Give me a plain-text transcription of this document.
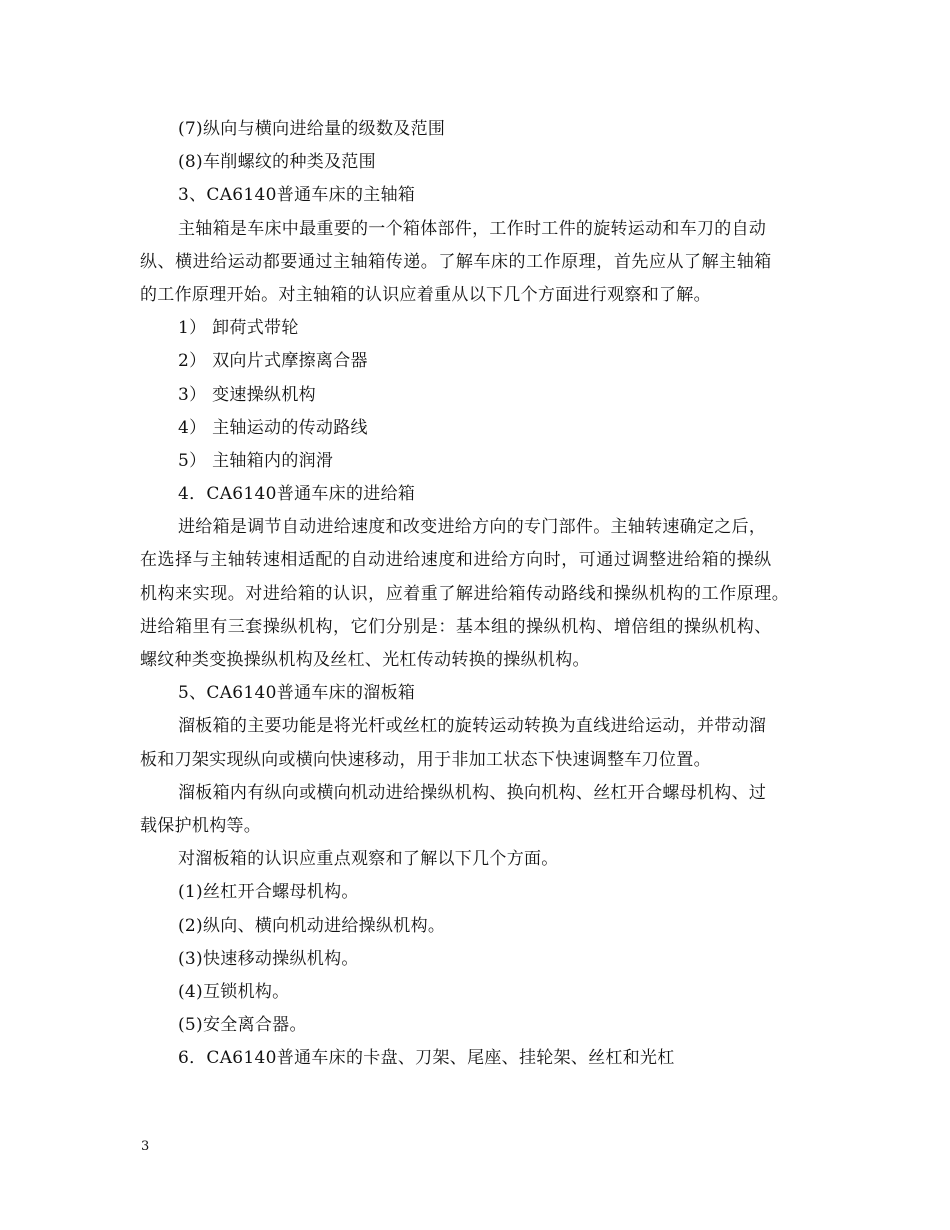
(7)纵向与横向进给量的级数及范围
(8)车削螺纹的种类及范围
3、CA6140普通车床的主轴箱
主轴箱是车床中最重要的一个箱体部件，工作时工件的旋转运动和车刀的自动
纵、横进给运动都要通过主轴箱传递。了解车床的工作原理，首先应从了解主轴箱
的工作原理开始。对主轴箱的认识应着重从以下几个方面进行观察和了解。
1） 卸荷式带轮
2） 双向片式摩擦离合器
3） 变速操纵机构
4） 主轴运动的传动路线
5） 主轴箱内的润滑
4．CA6140普通车床的进给箱
进给箱是调节自动进给速度和改变进给方向的专门部件。主轴转速确定之后，
在选择与主轴转速相适配的自动进给速度和进给方向时，可通过调整进给箱的操纵
机构来实现。对进给箱的认识，应着重了解进给箱传动路线和操纵机构的工作原理。
进给箱里有三套操纵机构，它们分别是：基本组的操纵机构、增倍组的操纵机构、
螺纹种类变换操纵机构及丝杠、光杠传动转换的操纵机构。
5、CA6140普通车床的溜板箱
溜板箱的主要功能是将光杆或丝杠的旋转运动转换为直线进给运动，并带动溜
板和刀架实现纵向或横向快速移动，用于非加工状态下快速调整车刀位置。
溜板箱内有纵向或横向机动进给操纵机构、换向机构、丝杠开合螺母机构、过
载保护机构等。
对溜板箱的认识应重点观察和了解以下几个方面。
(1)丝杠开合螺母机构。
(2)纵向、横向机动进给操纵机构。
(3)快速移动操纵机构。
(4)互锁机构。
(5)安全离合器。
6．CA6140普通车床的卡盘、刀架、尾座、挂轮架、丝杠和光杠
3
